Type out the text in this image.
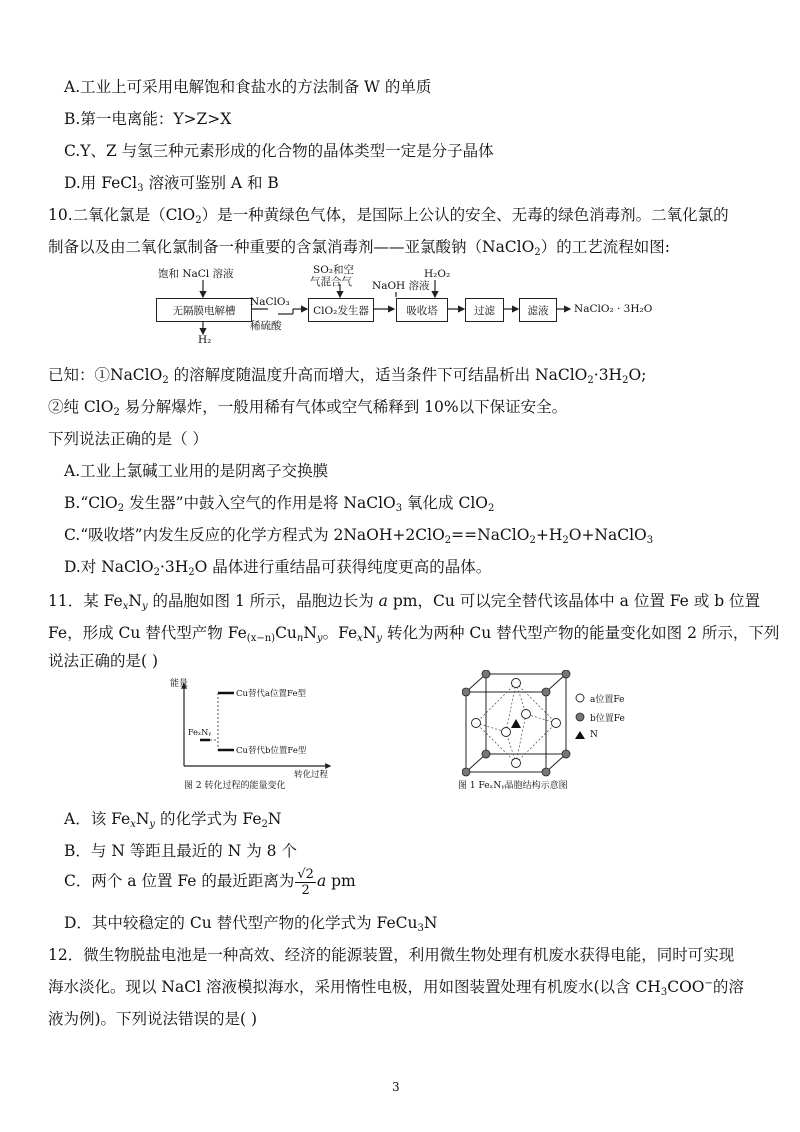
A.工业上可采用电解饱和食盐水的方法制备 W 的单质
B.第一电离能：Y>Z>X
C.Y、Z 与氢三种元素形成的化合物的晶体类型一定是分子晶体
D.用 FeCl$_3$ 溶液可鉴别 A 和 B
10.二氧化氯是（ClO$_2$）是一种黄绿色气体，是国际上公认的安全、无毒的绿色消毒剂。二氧化氯的
制备以及由二氧化氯制备一种重要的含氯消毒剂——亚氯酸钠（NaClO$_2$）的工艺流程如图:
饱和 NaCl 溶液
无隔膜电解槽
H₂
NaClO₃
SO₂和空
气混合气
稀硫酸
ClO₂发生器
NaOH 溶液
H₂O₂
吸收塔	过滤	滤液 NaClO₂ · 3H₂O
已知：①NaClO$_2$ 的溶解度随温度升高而增大，适当条件下可结晶析出 $NaClO_2\cdot 3H_2O$;
②纯 ClO$_2$ 易分解爆炸，一般用稀有气体或空气稀释到 10%以下保证安全。
下列说法正确的是（ ）
A.工业上氯碱工业用的是阴离子交换膜
B.“ClO$_2$ 发生器”中鼓入空气的作用是将 NaClO$_3$ 氧化成 ClO$_2$
C.“吸收塔”内发生反应的化学方程式为 $2NaOH+2ClO_2==NaClO_2+H_2O+NaClO_3$
D.对 $NaClO_2\cdot 3H_2O$ 晶体进行重结晶可获得纯度更高的晶体。
11．某 $Fe_xN_y$ 的晶胞如图 1 所示，晶胞边长为 a pm，Cu 可以完全替代该晶体中 a 位置 Fe 或 b 位置
Fe，形成 Cu 替代型产物 $Fe_{(x-n)}Cu_nN_y$。$Fe_xN_y$ 转化为两种 Cu 替代型产物的能量变化如图 2 所示，下列
说法正确的是( )
能量
Cu替代a位置Fe型
FeₓNᵧ
Cu替代b位置Fe型
转化过程
图 2 转化过程的能量变化
a位置Fe
b位置Fe
N
图 1 FeₓNᵧ晶胞结构示意图
A．该 $Fe_xN_y$ 的化学式为 $Fe_2N$
B．与 N 等距且最近的 N 为 8 个
C．两个 a 位置 Fe 的最近距离为 $\frac{√2}{2}$ a pm
D．其中较稳定的 Cu 替代型产物的化学式为 FeCu$_3$N
12．微生物脱盐电池是一种高效、经济的能源装置，利用微生物处理有机废水获得电能，同时可实现
海水淡化。现以 NaCl 溶液模拟海水，采用惰性电极，用如图装置处理有机废水(以含 $CH_3COO^-$的溶
液为例)。下列说法错误的是( )
3
